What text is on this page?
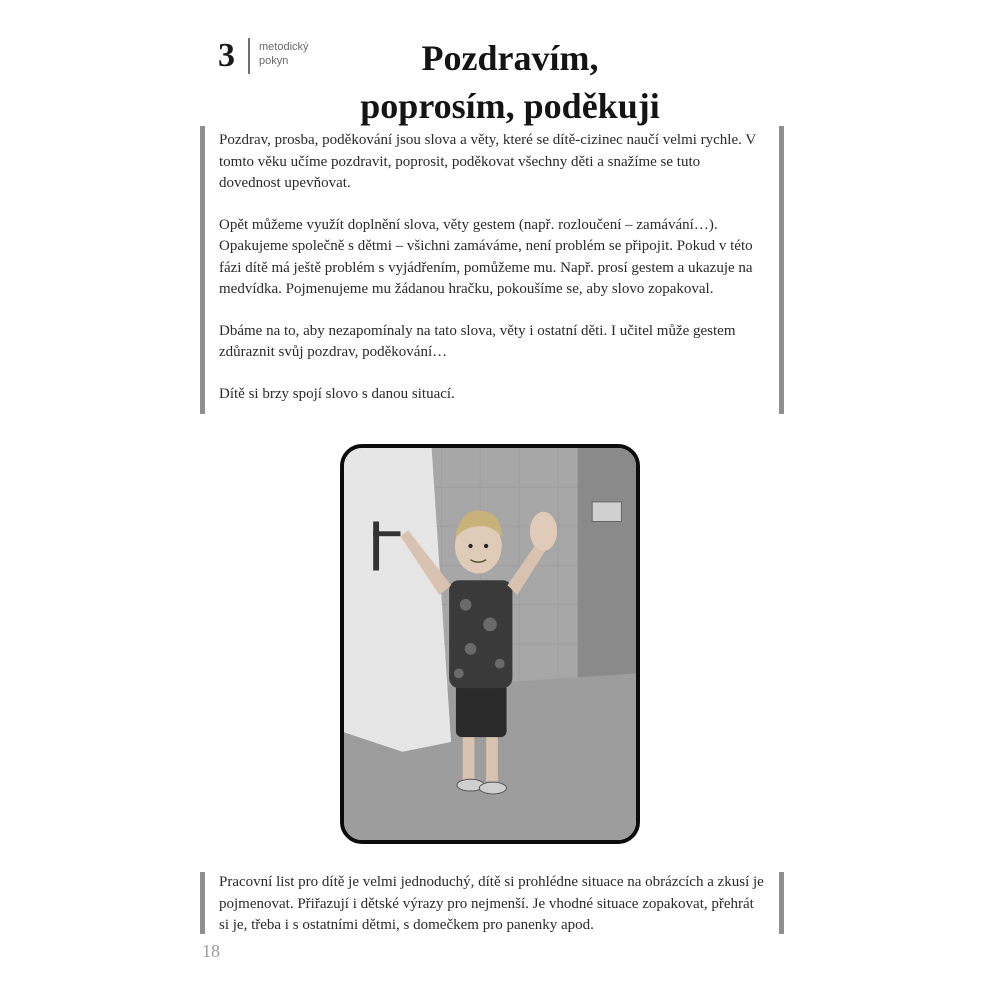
3 metodický
pokyn	Pozdravím,
poprosím, poděkuji

Pozdrav, prosba, poděkování jsou slova a věty, které se dítě-cizinec naučí velmi rychle. V tomto věku učíme pozdravit, poprosit, poděkovat všechny děti a snažíme se tuto dovednost upevňovat.

Opět můžeme využít doplnění slova, věty gestem (např. rozloučení – zamávání…). Opakujeme společně s dětmi – všichni zamáváme, není problém se připojit. Pokud v této fázi dítě má ještě problém s vyjádřením, pomůžeme mu. Např. prosí gestem a ukazuje na medvídka. Pojmenujeme mu žádanou hračku, pokoušíme se, aby slovo zopakoval.

Dbáme na to, aby nezapomínaly na tato slova, věty i ostatní děti. I učitel může gestem zdůraznit svůj pozdrav, poděkování…

Dítě si brzy spojí slovo s danou situací.

Pracovní list pro dítě je velmi jednoduchý, dítě si prohlédne situace na obrázcích a zkusí je pojmenovat. Přiřazují i dětské výrazy pro nejmenší. Je vhodné situace zopakovat, přehrát si je, třeba i s ostatními dětmi, s domečkem pro panenky apod.

18
